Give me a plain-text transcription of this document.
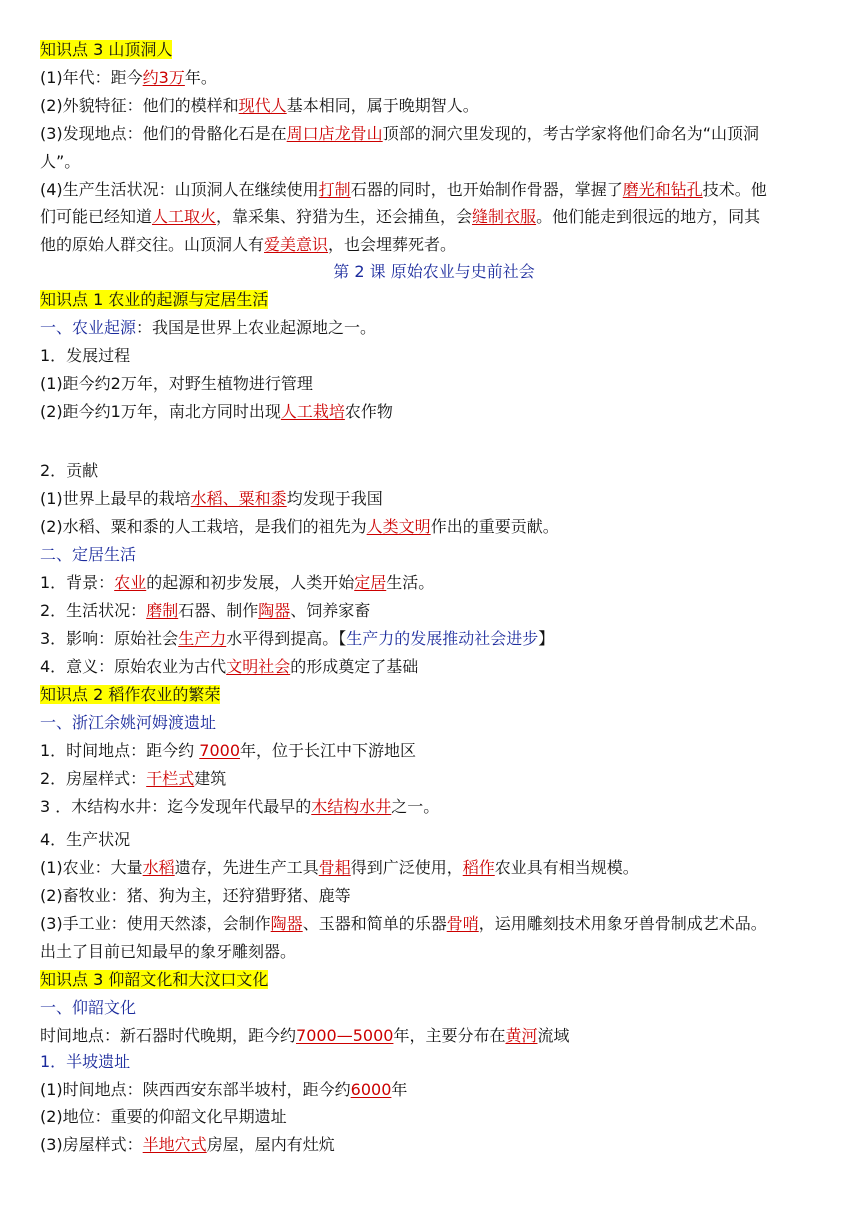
知识点 3 山顶洞人
(1)年代：距今约3万年。
(2)外貌特征：他们的模样和现代人基本相同，属于晚期智人。
(3)发现地点：他们的骨骼化石是在周口店龙骨山顶部的洞穴里发现的，考古学家将他们命名为“山顶洞
人”。
(4)生产生活状况：山顶洞人在继续使用打制石器的同时，也开始制作骨器，掌握了磨光和钻孔技术。他
们可能已经知道人工取火，靠采集、狩猎为生，还会捕鱼，会缝制衣服。他们能走到很远的地方，同其
他的原始人群交往。山顶洞人有爱美意识，也会埋葬死者。
第 2 课 原始农业与史前社会
知识点 1 农业的起源与定居生活
一、农业起源：我国是世界上农业起源地之一。
1．发展过程
(1)距今约2万年，对野生植物进行管理
(2)距今约1万年，南北方同时出现人工栽培农作物
2．贡献
(1)世界上最早的栽培水稻、粟和黍均发现于我国
(2)水稻、粟和黍的人工栽培，是我们的祖先为人类文明作出的重要贡献。
二、定居生活
1．背景：农业的起源和初步发展，人类开始定居生活。
2．生活状况：磨制石器、制作陶器、饲养家畜
3．影响：原始社会生产力水平得到提高。【生产力的发展推动社会进步】
4．意义：原始农业为古代文明社会的形成奠定了基础
知识点 2 稻作农业的繁荣
一、浙江余姚河姆渡遗址
1．时间地点：距今约 7000年，位于长江中下游地区
2．房屋样式：干栏式建筑
3 ．木结构水井：迄今发现年代最早的木结构水井之一。
4．生产状况
(1)农业：大量水稻遗存，先进生产工具骨耜得到广泛使用，稻作农业具有相当规模。
(2)畜牧业：猪、狗为主，还狩猎野猪、鹿等
(3)手工业：使用天然漆，会制作陶器、玉器和简单的乐器骨哨，运用雕刻技术用象牙兽骨制成艺术品。
出土了目前已知最早的象牙雕刻器。
知识点 3 仰韶文化和大汶口文化
一、仰韶文化
时间地点：新石器时代晚期，距今约7000—5000年，主要分布在黄河流域
1．半坡遗址
(1)时间地点：陕西西安东部半坡村，距今约6000年
(2)地位：重要的仰韶文化早期遗址
(3)房屋样式：半地穴式房屋，屋内有灶炕
